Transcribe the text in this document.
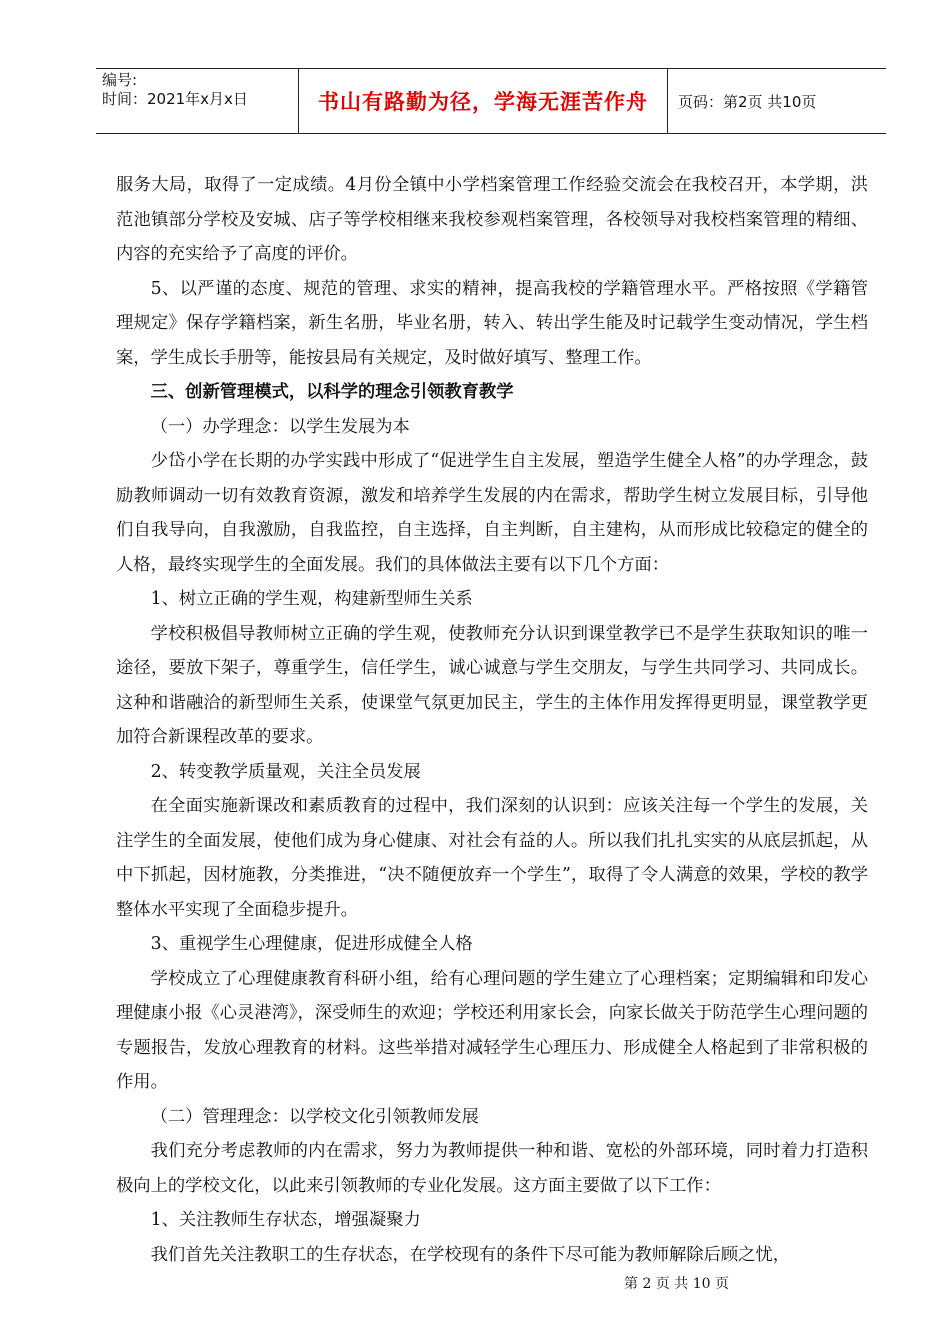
编号:
时间：2021年x月x日	书山有路勤为径，学海无涯苦作舟	页码：第2页 共10页

服务大局，取得了一定成绩。4月份全镇中小学档案管理工作经验交流会在我校召开，本学期，洪范池镇部分学校及安城、店子等学校相继来我校参观档案管理，各校领导对我校档案管理的精细、内容的充实给予了高度的评价。

5、以严谨的态度、规范的管理、求实的精神，提高我校的学籍管理水平。严格按照《学籍管理规定》保存学籍档案，新生名册，毕业名册，转入、转出学生能及时记载学生变动情况，学生档案，学生成长手册等，能按县局有关规定，及时做好填写、整理工作。

三、创新管理模式，以科学的理念引领教育教学

（一）办学理念：以学生发展为本

少岱小学在长期的办学实践中形成了“促进学生自主发展，塑造学生健全人格”的办学理念，鼓励教师调动一切有效教育资源，激发和培养学生发展的内在需求，帮助学生树立发展目标，引导他们自我导向，自我激励，自我监控，自主选择，自主判断，自主建构，从而形成比较稳定的健全的人格，最终实现学生的全面发展。我们的具体做法主要有以下几个方面：

1、树立正确的学生观，构建新型师生关系

学校积极倡导教师树立正确的学生观，使教师充分认识到课堂教学已不是学生获取知识的唯一途径，要放下架子，尊重学生，信任学生，诚心诚意与学生交朋友，与学生共同学习、共同成长。这种和谐融洽的新型师生关系，使课堂气氛更加民主，学生的主体作用发挥得更明显，课堂教学更加符合新课程改革的要求。

2、转变教学质量观，关注全员发展

在全面实施新课改和素质教育的过程中，我们深刻的认识到：应该关注每一个学生的发展，关注学生的全面发展，使他们成为身心健康、对社会有益的人。所以我们扎扎实实的从底层抓起，从中下抓起，因材施教，分类推进，“决不随便放弃一个学生”，取得了令人满意的效果，学校的教学整体水平实现了全面稳步提升。

3、重视学生心理健康，促进形成健全人格

学校成立了心理健康教育科研小组，给有心理问题的学生建立了心理档案；定期编辑和印发心理健康小报《心灵港湾》，深受师生的欢迎；学校还利用家长会，向家长做关于防范学生心理问题的专题报告，发放心理教育的材料。这些举措对减轻学生心理压力、形成健全人格起到了非常积极的作用。

（二）管理理念：以学校文化引领教师发展

我们充分考虑教师的内在需求，努力为教师提供一种和谐、宽松的外部环境，同时着力打造积极向上的学校文化，以此来引领教师的专业化发展。这方面主要做了以下工作：

1、关注教师生存状态，增强凝聚力

我们首先关注教职工的生存状态，在学校现有的条件下尽可能为教师解除后顾之忧，

第 2 页 共 10 页
